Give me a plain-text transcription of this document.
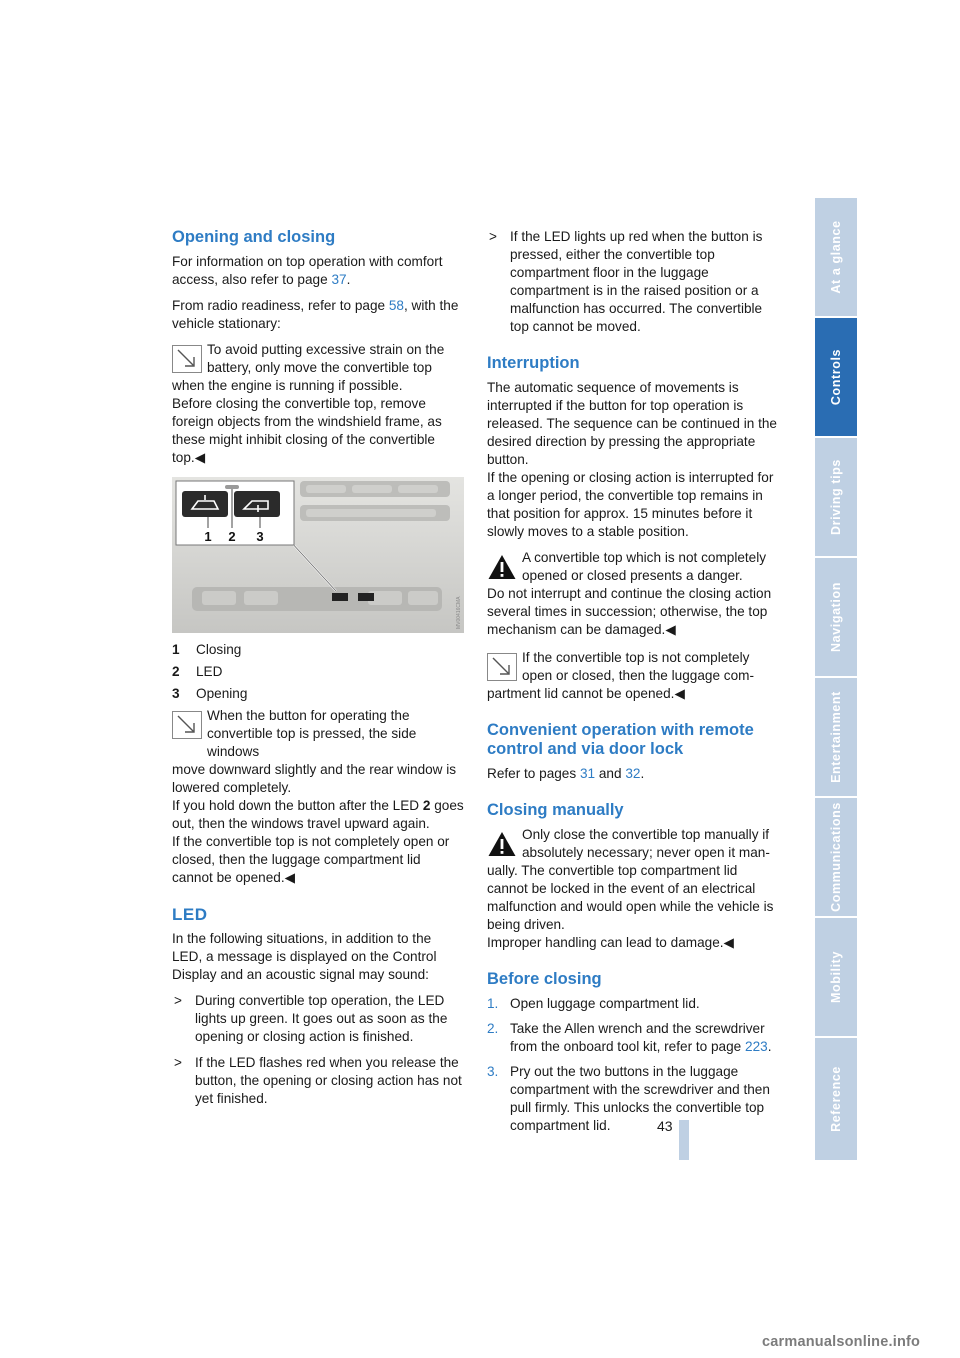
Opening and closing

For information on top operation with comfort access, also refer to page 37.

From radio readiness, refer to page 58, with the vehicle stationary:

To avoid putting excessive strain on the battery, only move the convertible top
when the engine is running if possible.
Before closing the convertible top, remove foreign objects from the windshield frame, as these might inhibit closing of the convertible top.◀
1 2 3
MV00416CMA
1 Closing
2 LED
3 Opening
When the button for operating the convertible top is pressed, the side windows
move downward slightly and the rear window is lowered completely.
If you hold down the button after the LED 2 goes out, then the windows travel upward again.
If the convertible top is not completely open or closed, then the luggage compartment lid cannot be opened.◀
LED

In the following situations, in addition to the LED, a message is displayed on the Control Display and an acoustic signal may sound:

> During convertible top operation, the LED lights up green. It goes out as soon as the opening or closing action is finished.
> If the LED flashes red when you release the button, the opening or closing action has not yet finished.
> If the LED lights up red when the button is pressed, either the convertible top compartment floor in the luggage compartment is in the raised position or a malfunction has occurred. The convertible top cannot be moved.
Interruption
The automatic sequence of movements is interrupted if the button for top operation is released. The sequence can be continued in the desired direction by pressing the appropriate button.

If the opening or closing action is interrupted for a longer period, the convertible top remains in that position for approx. 15 minutes before it slowly moves to a stable position.

A convertible top which is not completely opened or closed presents a danger.
Do not interrupt and continue the closing action several times in succession; otherwise, the top mechanism can be damaged.◀
If the convertible top is not completely open or closed, then the luggage com-
partment lid cannot be opened.◀
Convenient operation with remote control and via door lock

Refer to pages 31 and 32.

Closing manually
Only close the convertible top manually if absolutely necessary; never open it man-
ually. The convertible top compartment lid cannot be locked in the event of an electrical malfunction and would open while the vehicle is being driven.
Improper handling can lead to damage.◀
Before closing
1. Open luggage compartment lid.
2. Take the Allen wrench and the screwdriver from the onboard tool kit, refer to page 223.
3. Pry out the two buttons in the luggage compartment with the screwdriver and then pull firmly. This unlocks the convertible top compartment lid.
At a glance
Controls
Driving tips
Navigation
Entertainment
Communications
Mobility
Reference
43
carmanualsonline.info
